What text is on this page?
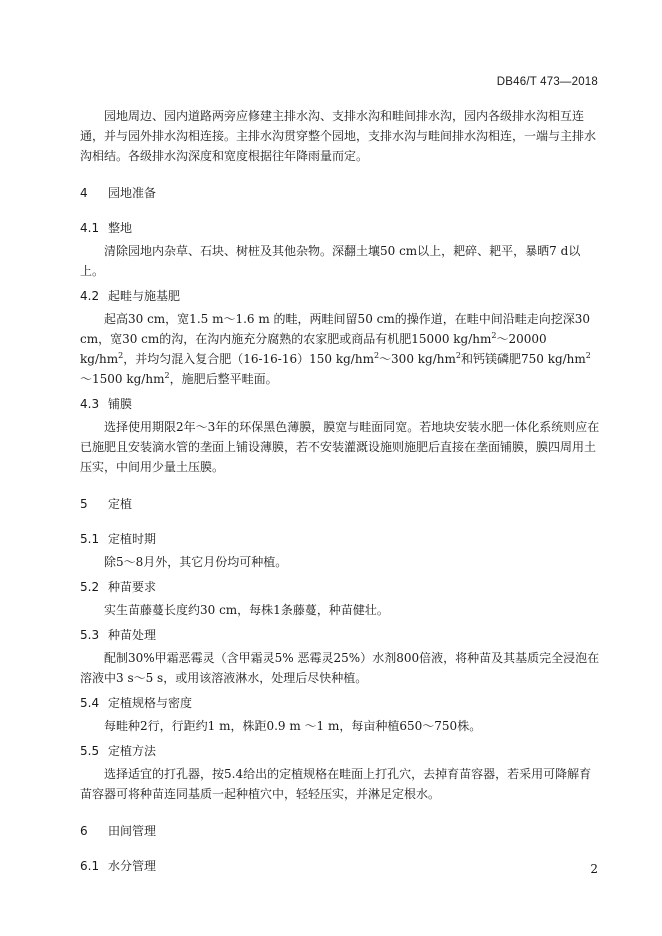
DB46/T 473—2018

园地周边、园内道路两旁应修建主排水沟、支排水沟和畦间排水沟，园内各级排水沟相互连通，并与园外排水沟相连接。主排水沟贯穿整个园地，支排水沟与畦间排水沟相连，一端与主排水沟相结。各级排水沟深度和宽度根据往年降雨量而定。

4 园地准备
4.1 整地

清除园地内杂草、石块、树桩及其他杂物。深翻土壤50 cm以上，耙碎、耙平，暴晒7 d以上。

4.2 起畦与施基肥

起高30 cm，宽1.5 m～1.6 m 的畦，两畦间留50 cm的操作道，在畦中间沿畦走向挖深30 cm，宽30 cm的沟，在沟内施充分腐熟的农家肥或商品有机肥15000 $kg/hm^2\sim 20000$ $kg/hm^2$，并均匀混入复合肥（16-16-16）150 $kg/hm^2\sim 300$ $kg/hm^2$和钙镁磷肥750 $kg/hm^2\sim 1500$ $kg/hm^2$，施肥后整平畦面。

4.3 铺膜

选择使用期限2年～3年的环保黑色薄膜，膜宽与畦面同宽。若地块安装水肥一体化系统则应在已施肥且安装滴水管的垄面上铺设薄膜，若不安装灌溉设施则施肥后直接在垄面铺膜，膜四周用土压实，中间用少量土压膜。

5 定植
5.1 定植时期

除5～8月外，其它月份均可种植。

5.2 种苗要求

实生苗藤蔓长度约30 cm，每株1条藤蔓，种苗健壮。

5.3 种苗处理

配制30%甲霜恶霉灵（含甲霜灵5% 恶霉灵25%）水剂800倍液，将种苗及其基质完全浸泡在溶液中3 s～5 s，或用该溶液淋水，处理后尽快种植。

5.4 定植规格与密度

每畦种2行，行距约1 m，株距0.9 m ～1 m，每亩种植650～750株。

5.5 定植方法

选择适宜的打孔器，按5.4给出的定植规格在畦面上打孔穴，去掉育苗容器，若采用可降解育苗容器可将种苗连同基质一起种植穴中，轻轻压实，并淋足定根水。

6 田间管理
6.1 水分管理	2
